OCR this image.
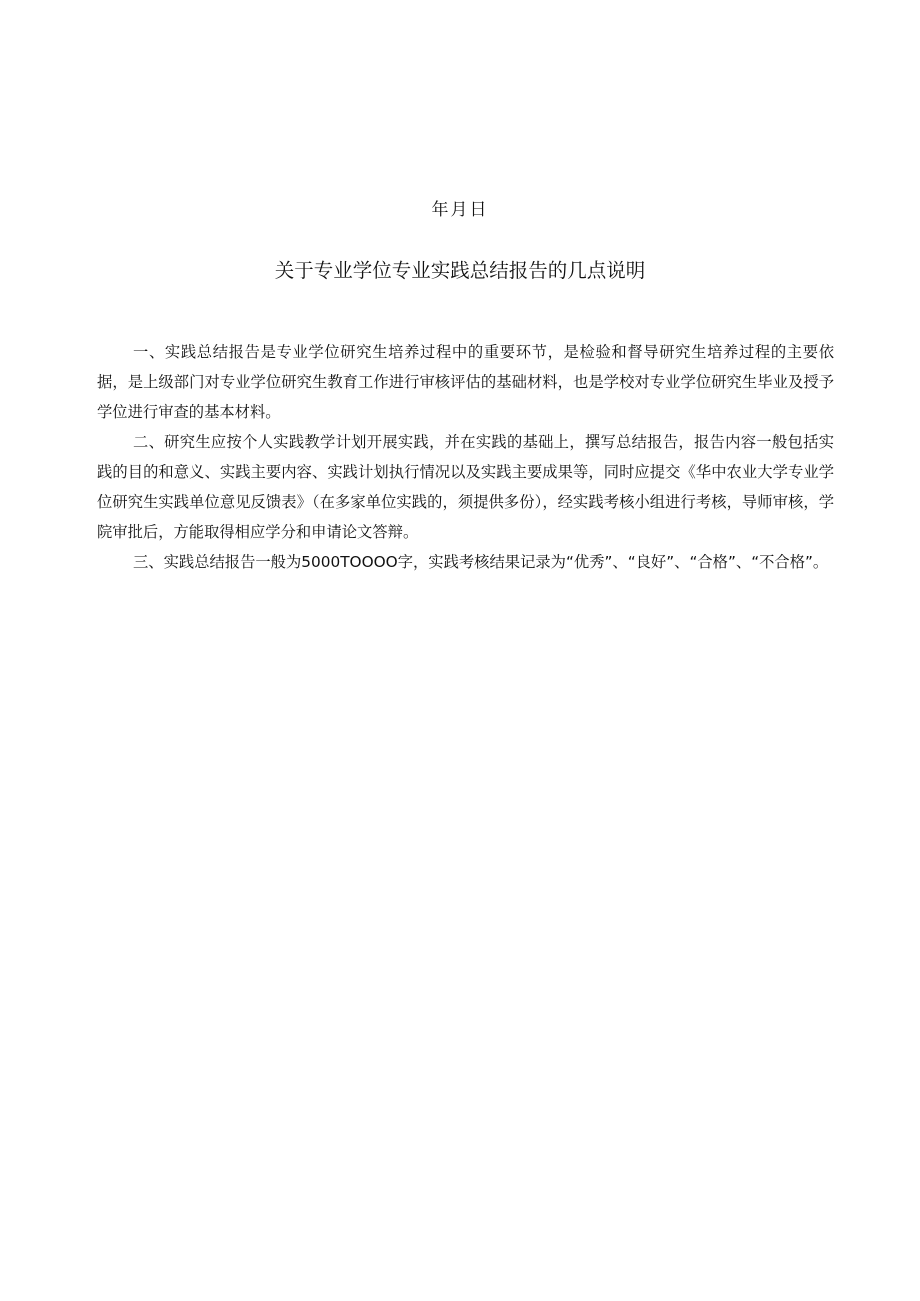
年月日
关于专业学位专业实践总结报告的几点说明

一、实践总结报告是专业学位研究生培养过程中的重要环节，是检验和督导研究生培养过程的主要依据，是上级部门对专业学位研究生教育工作进行审核评估的基础材料，也是学校对专业学位研究生毕业及授予学位进行审查的基本材料。

二、研究生应按个人实践教学计划开展实践，并在实践的基础上，撰写总结报告，报告内容一般包括实践的目的和意义、实践主要内容、实践计划执行情况以及实践主要成果等，同时应提交《华中农业大学专业学位研究生实践单位意见反馈表》（在多家单位实践的，须提供多份），经实践考核小组进行考核，导师审核，学院审批后，方能取得相应学分和申请论文答辩。

三、实践总结报告一般为5000TOOOO字，实践考核结果记录为“优秀”、“良好”、“合格”、“不合格”。
